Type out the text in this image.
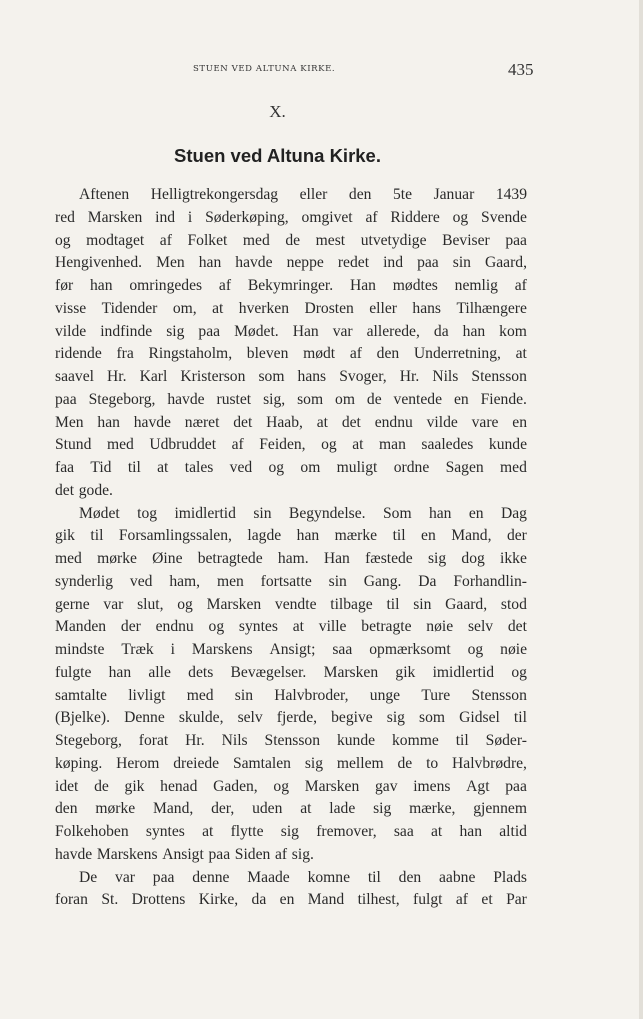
STUEN VED ALTUNA KIRKE.	435
X.
Stuen ved Altuna Kirke.
Aftenen Helligtrekongersdag eller den 5te Januar 1439
red Marsken ind i Søderkøping, omgivet af Riddere og Svende
og modtaget af Folket med de mest utvetydige Beviser paa
Hengivenhed. Men han havde neppe redet ind paa sin Gaard,
før han omringedes af Bekymringer. Han mødtes nemlig af
visse Tidender om, at hverken Drosten eller hans Tilhængere
vilde indfinde sig paa Mødet. Han var allerede, da han kom
ridende fra Ringstaholm, bleven mødt af den Underretning, at
saavel Hr. Karl Kristerson som hans Svoger, Hr. Nils Stensson
paa Stegeborg, havde rustet sig, som om de ventede en Fiende.
Men han havde næret det Haab, at det endnu vilde vare en
Stund med Udbruddet af Feiden, og at man saaledes kunde
faa Tid til at tales ved og om muligt ordne Sagen med
det gode.
Mødet tog imidlertid sin Begyndelse. Som han en Dag
gik til Forsamlingssalen, lagde han mærke til en Mand, der
med mørke Øine betragtede ham. Han fæstede sig dog ikke
synderlig ved ham, men fortsatte sin Gang. Da Forhandlin-
gerne var slut, og Marsken vendte tilbage til sin Gaard, stod
Manden der endnu og syntes at ville betragte nøie selv det
mindste Træk i Marskens Ansigt; saa opmærksomt og nøie
fulgte han alle dets Bevægelser. Marsken gik imidlertid og
samtalte livligt med sin Halvbroder, unge Ture Stensson
(Bjelke). Denne skulde, selv fjerde, begive sig som Gidsel til
Stegeborg, forat Hr. Nils Stensson kunde komme til Søder-
køping. Herom dreiede Samtalen sig mellem de to Halvbrødre,
idet de gik henad Gaden, og Marsken gav imens Agt paa
den mørke Mand, der, uden at lade sig mærke, gjennem
Folkehoben syntes at flytte sig fremover, saa at han altid
havde Marskens Ansigt paa Siden af sig.
De var paa denne Maade komne til den aabne Plads
foran St. Drottens Kirke, da en Mand tilhest, fulgt af et Par
